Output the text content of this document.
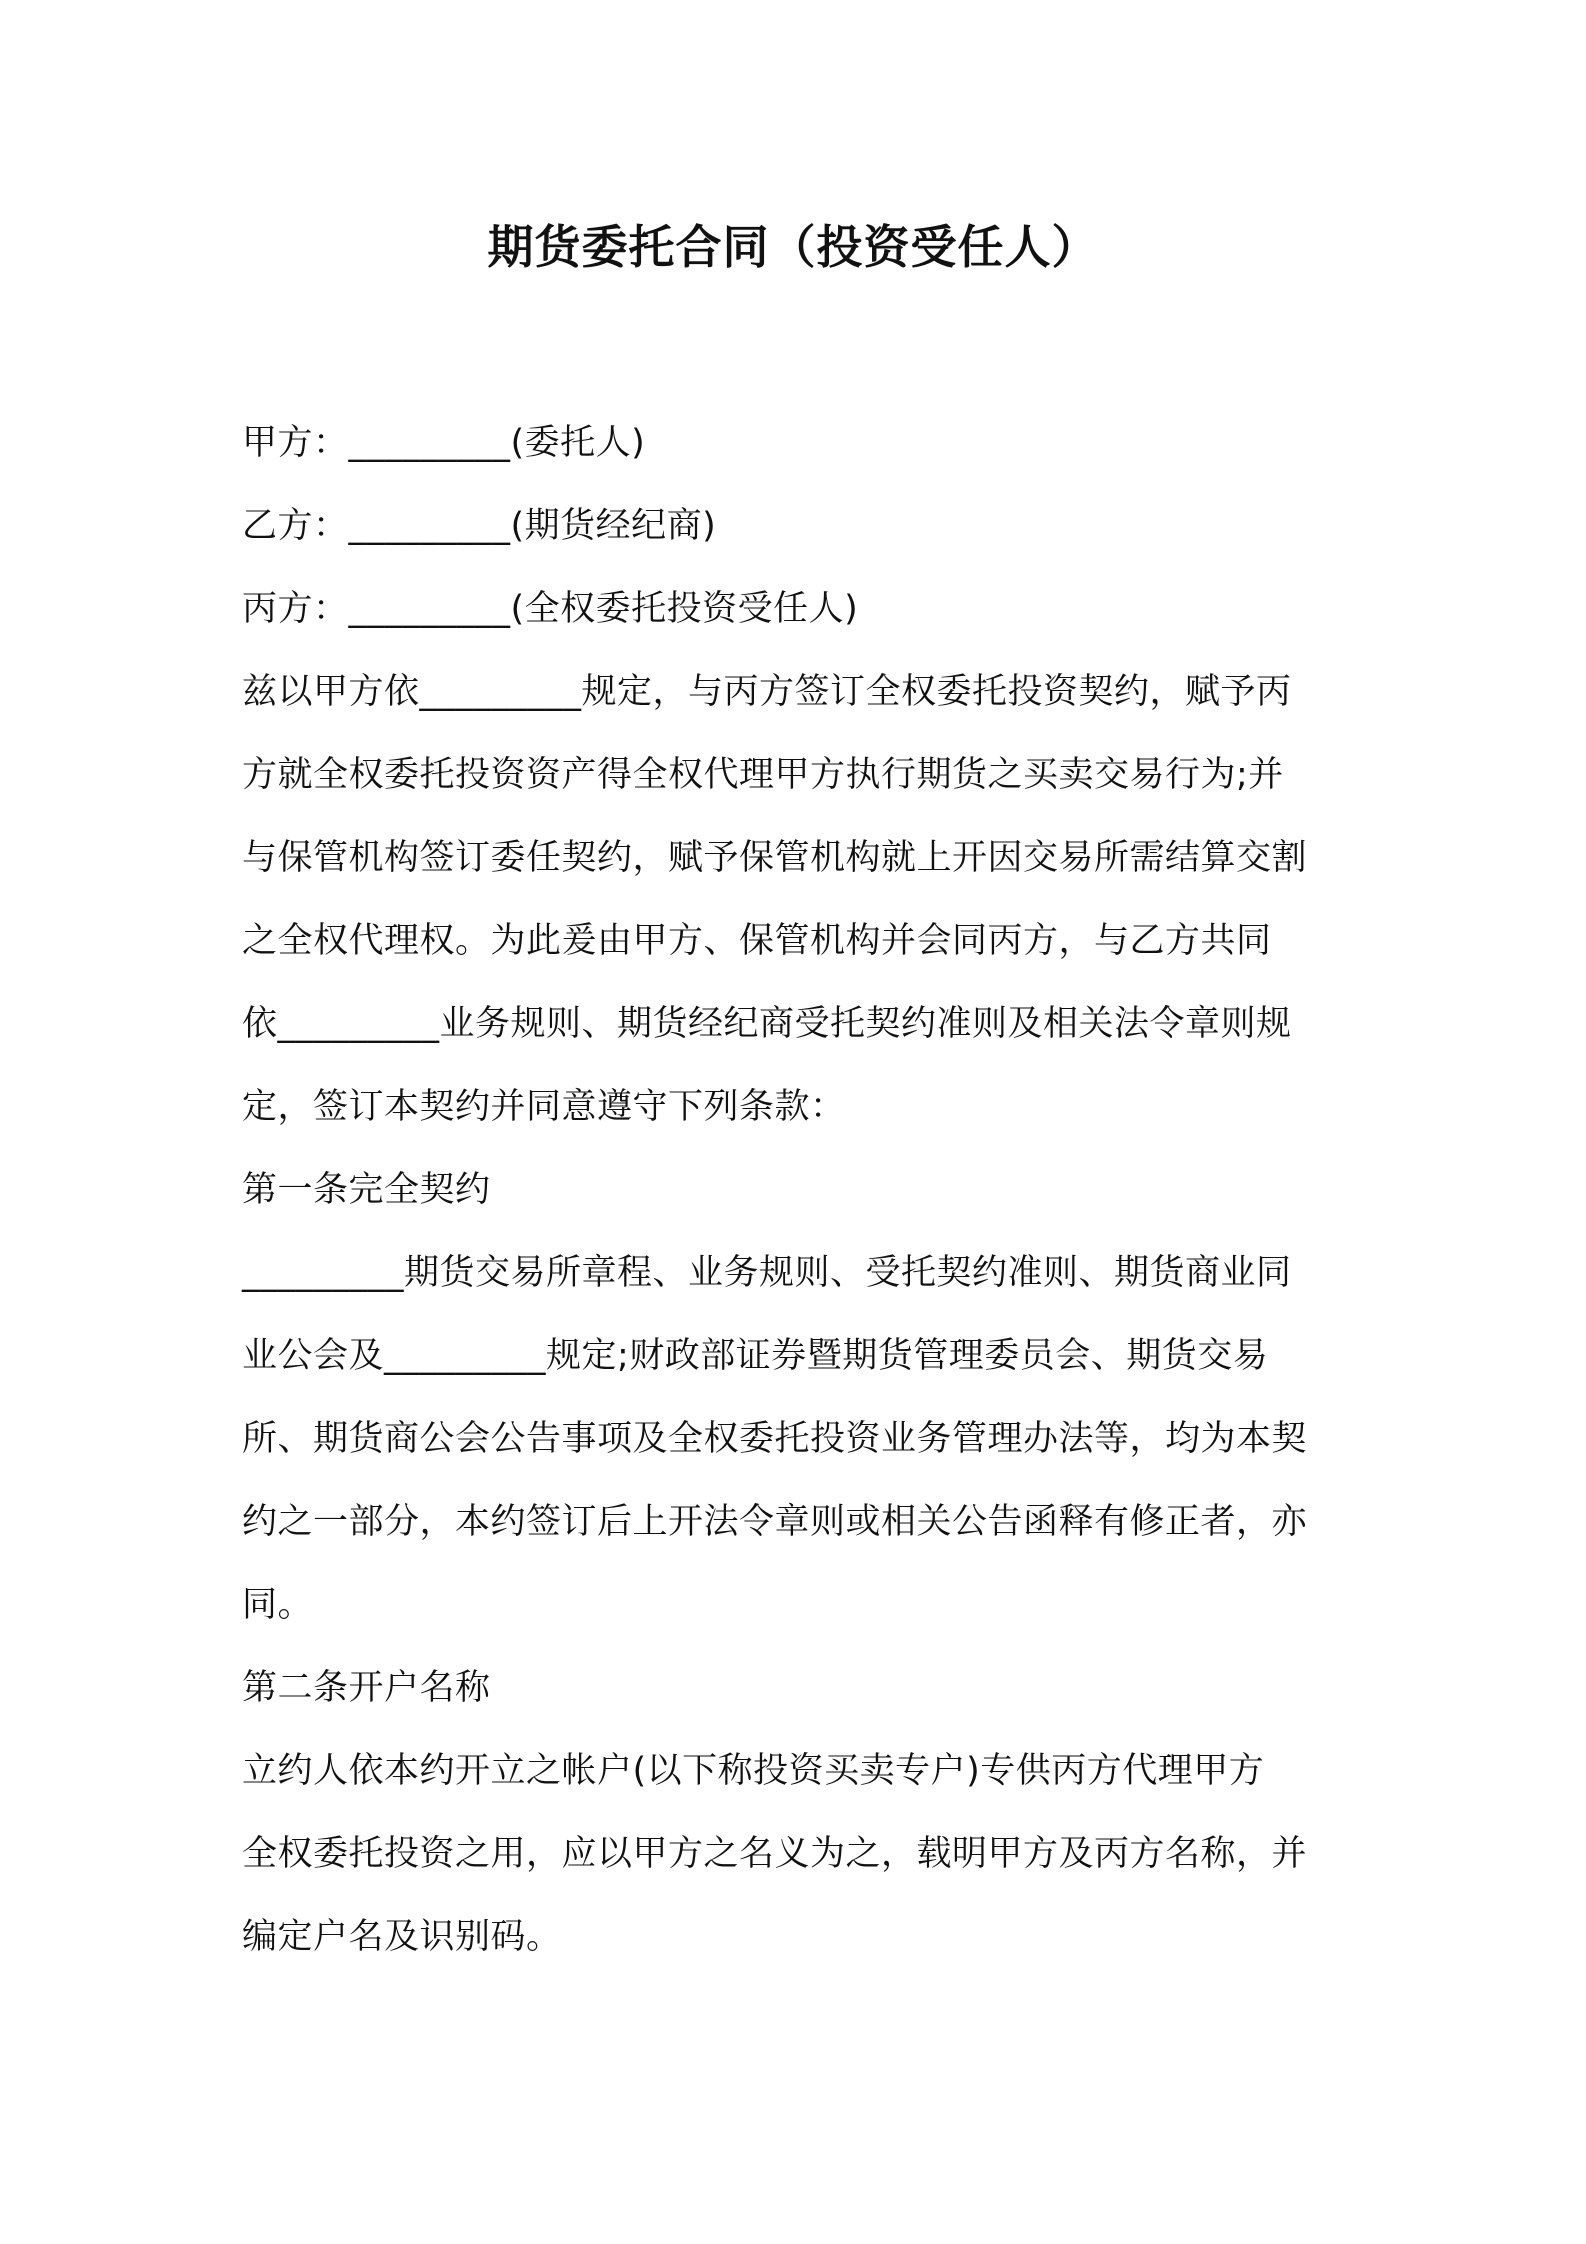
期货委托合同（投资受任人）
甲方：_________(委托人)
乙方：_________(期货经纪商)
丙方：_________(全权委托投资受任人)
兹以甲方依_________规定，与丙方签订全权委托投资契约，赋予丙
方就全权委托投资资产得全权代理甲方执行期货之买卖交易行为;并
与保管机构签订委任契约，赋予保管机构就上开因交易所需结算交割
之全权代理权。为此爰由甲方、保管机构并会同丙方，与乙方共同
依_________业务规则、期货经纪商受托契约准则及相关法令章则规
定，签订本契约并同意遵守下列条款：
第一条完全契约
_________期货交易所章程、业务规则、受托契约准则、期货商业同
业公会及_________规定;财政部证券暨期货管理委员会、期货交易
所、期货商公会公告事项及全权委托投资业务管理办法等，均为本契
约之一部分，本约签订后上开法令章则或相关公告函释有修正者，亦
同。
第二条开户名称
立约人依本约开立之帐户(以下称投资买卖专户)专供丙方代理甲方
全权委托投资之用，应以甲方之名义为之，载明甲方及丙方名称，并
编定户名及识别码。
